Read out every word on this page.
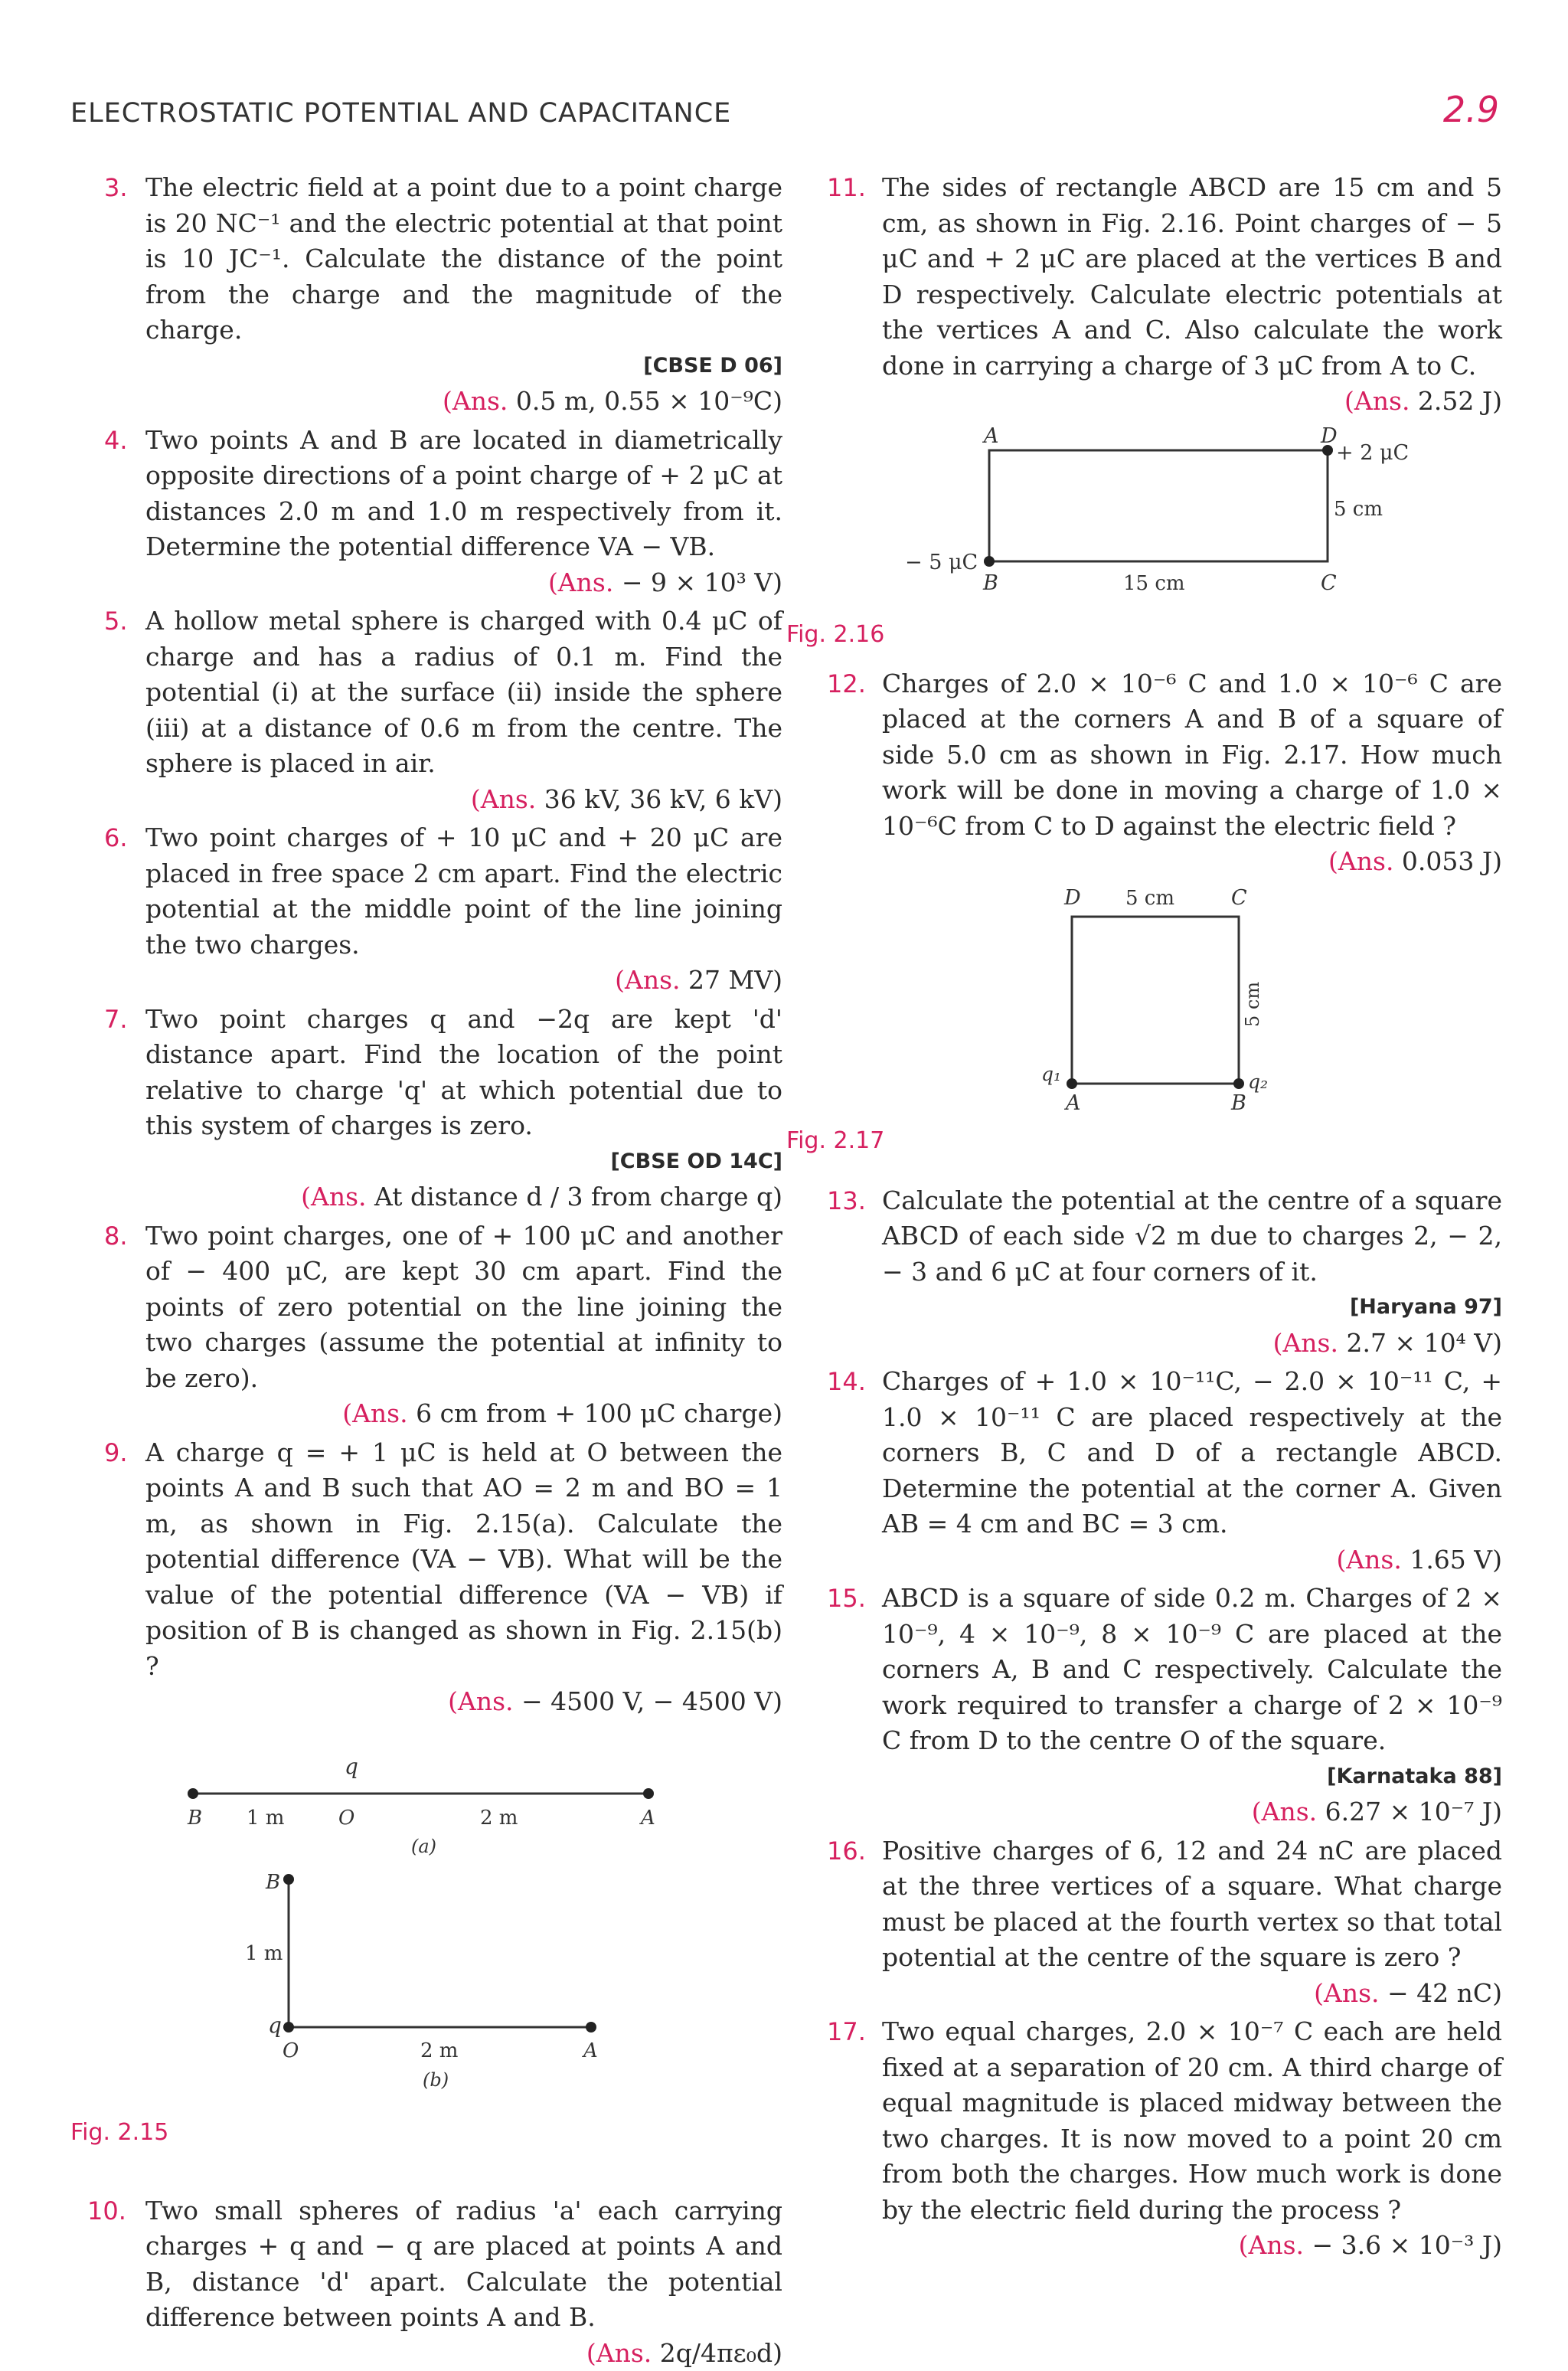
ELECTROSTATIC POTENTIAL AND CAPACITANCE	2.9
3. The electric field at a point due to a point charge is 20 NC⁻¹ and the electric potential at that point is 10 JC⁻¹. Calculate the distance of the point from the charge and the magnitude of the charge.
[CBSE D 06]
(Ans. 0.5 m, 0.55 × 10⁻⁹C)
4. Two points A and B are located in diametrically opposite directions of a point charge of + 2 μC at distances 2.0 m and 1.0 m respectively from it. Determine the potential difference VA − VB.
(Ans. − 9 × 10³ V)
5. A hollow metal sphere is charged with 0.4 μC of charge and has a radius of 0.1 m. Find the potential (i) at the surface (ii) inside the sphere (iii) at a distance of 0.6 m from the centre. The sphere is placed in air.
(Ans. 36 kV, 36 kV, 6 kV)
6. Two point charges of + 10 μC and + 20 μC are placed in free space 2 cm apart. Find the electric potential at the middle point of the line joining the two charges.
(Ans. 27 MV)
7. Two point charges q and −2q are kept 'd' distance apart. Find the location of the point relative to charge 'q' at which potential due to this system of charges is zero.
[CBSE OD 14C]
(Ans. At distance d / 3 from charge q)
8. Two point charges, one of + 100 μC and another of − 400 μC, are kept 30 cm apart. Find the points of zero potential on the line joining the two charges (assume the potential at infinity to be zero).
(Ans. 6 cm from + 100 μC charge)
9. A charge q = + 1 μC is held at O between the points A and B such that AO = 2 m and BO = 1 m, as shown in Fig. 2.15(a). Calculate the potential difference (VA − VB). What will be the value of the potential difference (VA − VB) if position of B is changed as shown in Fig. 2.15(b) ?
(Ans. − 4500 V, − 4500 V)
q
B 1 m	O	2 m	A
(a)
B
1 m
q
O	2 m	A
(b)
Fig. 2.15
10. Two small spheres of radius 'a' each carrying charges + q and − q are placed at points A and B, distance 'd' apart. Calculate the potential difference between points A and B.
(Ans. 2q/4πε₀d)
11. The sides of rectangle ABCD are 15 cm and 5 cm, as shown in Fig. 2.16. Point charges of − 5 μC and + 2 μC are placed at the vertices B and D respectively. Calculate electric potentials at the vertices A and C. Also calculate the work done in carrying a charge of 3 μC from A to C.
(Ans. 2.52 J)
A	D
+ 2 μC
5 cm
− 5 μC
B	15 cm	C
Fig. 2.16
12. Charges of 2.0 × 10⁻⁶ C and 1.0 × 10⁻⁶ C are placed at the corners A and B of a square of side 5.0 cm as shown in Fig. 2.17. How much work will be done in moving a charge of 1.0 × 10⁻⁶C from C to D against the electric field ?
(Ans. 0.053 J)
D 5 cm	C
5 cm
q₁	q₂
A	B
Fig. 2.17
13. Calculate the potential at the centre of a square ABCD of each side √2 m due to charges 2, − 2, − 3 and 6 μC at four corners of it.
[Haryana 97]
(Ans. 2.7 × 10⁴ V)
14. Charges of + 1.0 × 10⁻¹¹C, − 2.0 × 10⁻¹¹ C, + 1.0 × 10⁻¹¹ C are placed respectively at the corners B, C and D of a rectangle ABCD. Determine the potential at the corner A. Given AB = 4 cm and BC = 3 cm.
(Ans. 1.65 V)
15. ABCD is a square of side 0.2 m. Charges of 2 × 10⁻⁹, 4 × 10⁻⁹, 8 × 10⁻⁹ C are placed at the corners A, B and C respectively. Calculate the work required to transfer a charge of 2 × 10⁻⁹ C from D to the centre O of the square.
[Karnataka 88]
(Ans. 6.27 × 10⁻⁷ J)
16. Positive charges of 6, 12 and 24 nC are placed at the three vertices of a square. What charge must be placed at the fourth vertex so that total potential at the centre of the square is zero ?
(Ans. − 42 nC)
17. Two equal charges, 2.0 × 10⁻⁷ C each are held fixed at a separation of 20 cm. A third charge of equal magnitude is placed midway between the two charges. It is now moved to a point 20 cm from both the charges. How much work is done by the electric field during the process ?
(Ans. − 3.6 × 10⁻³ J)
